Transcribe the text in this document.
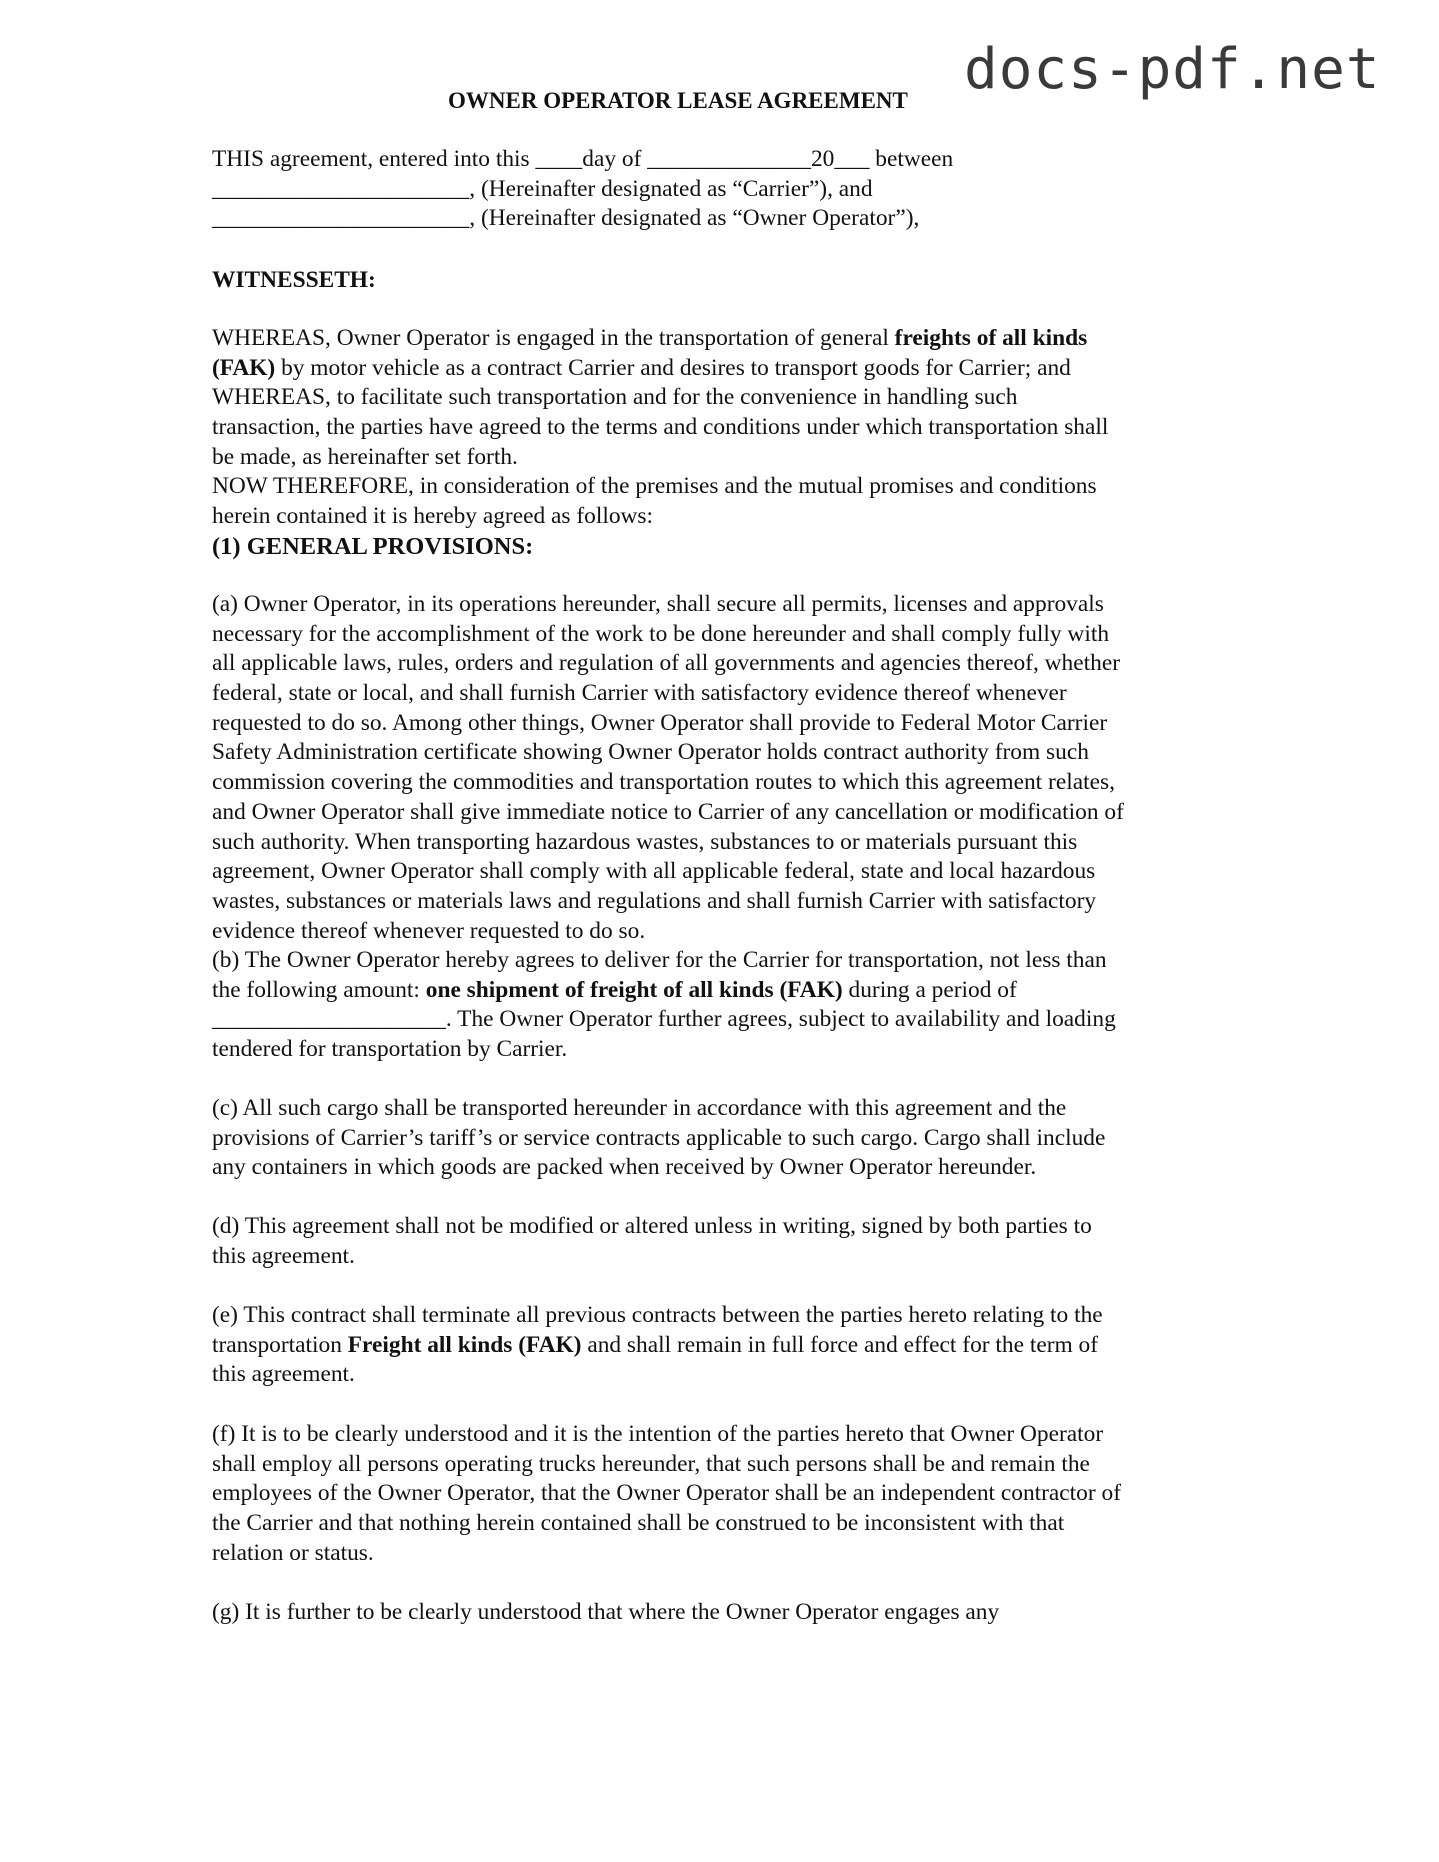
docs-pdf.net
OWNER OPERATOR LEASE AGREEMENT
THIS agreement, entered into this ____day of ______________20___ between
______________________, (Hereinafter designated as “Carrier”), and
______________________, (Hereinafter designated as “Owner Operator”),
WITNESSETH:
WHEREAS, Owner Operator is engaged in the transportation of general freights of all kinds
(FAK) by motor vehicle as a contract Carrier and desires to transport goods for Carrier; and
WHEREAS, to facilitate such transportation and for the convenience in handling such
transaction, the parties have agreed to the terms and conditions under which transportation shall
be made, as hereinafter set forth.
NOW THEREFORE, in consideration of the premises and the mutual promises and conditions
herein contained it is hereby agreed as follows:
(1) GENERAL PROVISIONS:
(a) Owner Operator, in its operations hereunder, shall secure all permits, licenses and approvals
necessary for the accomplishment of the work to be done hereunder and shall comply fully with
all applicable laws, rules, orders and regulation of all governments and agencies thereof, whether
federal, state or local, and shall furnish Carrier with satisfactory evidence thereof whenever
requested to do so. Among other things, Owner Operator shall provide to Federal Motor Carrier
Safety Administration certificate showing Owner Operator holds contract authority from such
commission covering the commodities and transportation routes to which this agreement relates,
and Owner Operator shall give immediate notice to Carrier of any cancellation or modification of
such authority. When transporting hazardous wastes, substances to or materials pursuant this
agreement, Owner Operator shall comply with all applicable federal, state and local hazardous
wastes, substances or materials laws and regulations and shall furnish Carrier with satisfactory
evidence thereof whenever requested to do so.
(b) The Owner Operator hereby agrees to deliver for the Carrier for transportation, not less than
the following amount: one shipment of freight of all kinds (FAK) during a period of
____________________. The Owner Operator further agrees, subject to availability and loading
tendered for transportation by Carrier.
(c) All such cargo shall be transported hereunder in accordance with this agreement and the
provisions of Carrier’s tariff’s or service contracts applicable to such cargo. Cargo shall include
any containers in which goods are packed when received by Owner Operator hereunder.
(d) This agreement shall not be modified or altered unless in writing, signed by both parties to
this agreement.
(e) This contract shall terminate all previous contracts between the parties hereto relating to the
transportation Freight all kinds (FAK) and shall remain in full force and effect for the term of
this agreement.
(f) It is to be clearly understood and it is the intention of the parties hereto that Owner Operator
shall employ all persons operating trucks hereunder, that such persons shall be and remain the
employees of the Owner Operator, that the Owner Operator shall be an independent contractor of
the Carrier and that nothing herein contained shall be construed to be inconsistent with that
relation or status.
(g) It is further to be clearly understood that where the Owner Operator engages any
